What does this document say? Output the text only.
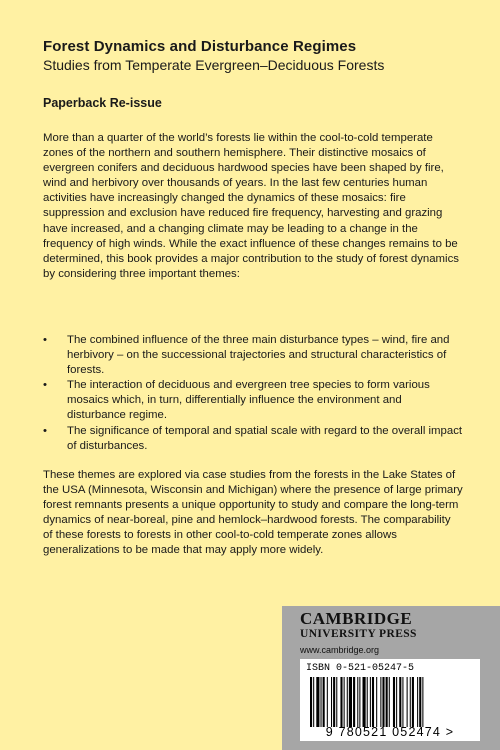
Forest Dynamics and Disturbance Regimes
Studies from Temperate Evergreen–Deciduous Forests
Paperback Re-issue

More than a quarter of the world’s forests lie within the cool-to-cold temperate zones of the northern and southern hemisphere. Their distinctive mosaics of evergreen conifers and deciduous hardwood species have been shaped by fire, wind and herbivory over thousands of years. In the last few centuries human activities have increasingly changed the dynamics of these mosaics: fire suppression and exclusion have reduced fire frequency, harvesting and grazing have increased, and a changing climate may be leading to a change in the frequency of high winds. While the exact influence of these changes remains to be determined, this book provides a major contribution to the study of forest dynamics by considering three important themes:

• The combined influence of the three main disturbance types – wind, fire and herbivory – on the successional trajectories and structural characteristics of forests.
• The interaction of deciduous and evergreen tree species to form various mosaics which, in turn, differentially influence the environment and disturbance regime.
• The significance of temporal and spatial scale with regard to the overall impact of disturbances.

These themes are explored via case studies from the forests in the Lake States of the USA (Minnesota, Wisconsin and Michigan) where the presence of large primary forest remnants presents a unique opportunity to study and compare the long-term dynamics of near-boreal, pine and hemlock–hardwood forests. The comparability of these forests to forests in other cool-to-cold temperate zones allows generalizations to be made that may apply more widely.

CAMBRIDGE
UNIVERSITY PRESS
www.cambridge.org
ISBN 0-521-05247-5
9 780521 052474 >
